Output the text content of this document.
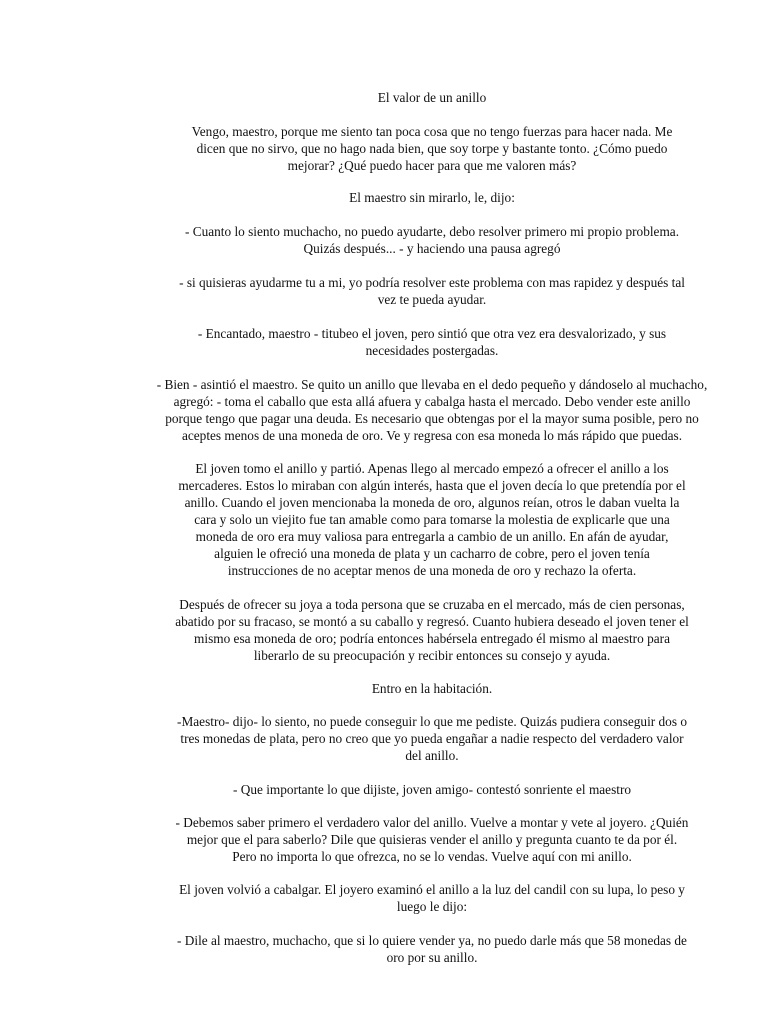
El valor de un anillo

Vengo, maestro, porque me siento tan poca cosa que no tengo fuerzas para hacer nada. Me
dicen que no sirvo, que no hago nada bien, que soy torpe y bastante tonto. ¿Cómo puedo
mejorar? ¿Qué puedo hacer para que me valoren más?

El maestro sin mirarlo, le, dijo:

- Cuanto lo siento muchacho, no puedo ayudarte, debo resolver primero mi propio problema.
Quizás después... - y haciendo una pausa agregó

- si quisieras ayudarme tu a mi, yo podría resolver este problema con mas rapidez y después tal
vez te pueda ayudar.

- Encantado, maestro - titubeo el joven, pero sintió que otra vez era desvalorizado, y sus
necesidades postergadas.

- Bien - asintió el maestro. Se quito un anillo que llevaba en el dedo pequeño y dándoselo al muchacho,
agregó: - toma el caballo que esta allá afuera y cabalga hasta el mercado. Debo vender este anillo
porque tengo que pagar una deuda. Es necesario que obtengas por el la mayor suma posible, pero no
aceptes menos de una moneda de oro. Ve y regresa con esa moneda lo más rápido que puedas.

El joven tomo el anillo y partió. Apenas llego al mercado empezó a ofrecer el anillo a los
mercaderes. Estos lo miraban con algún interés, hasta que el joven decía lo que pretendía por el
anillo. Cuando el joven mencionaba la moneda de oro, algunos reían, otros le daban vuelta la
cara y solo un viejito fue tan amable como para tomarse la molestia de explicarle que una
moneda de oro era muy valiosa para entregarla a cambio de un anillo. En afán de ayudar,
alguien le ofreció una moneda de plata y un cacharro de cobre, pero el joven tenía
instrucciones de no aceptar menos de una moneda de oro y rechazo la oferta.

Después de ofrecer su joya a toda persona que se cruzaba en el mercado, más de cien personas,
abatido por su fracaso, se montó a su caballo y regresó. Cuanto hubiera deseado el joven tener el
mismo esa moneda de oro; podría entonces habérsela entregado él mismo al maestro para
liberarlo de su preocupación y recibir entonces su consejo y ayuda.

Entro en la habitación.

-Maestro- dijo- lo siento, no puede conseguir lo que me pediste. Quizás pudiera conseguir dos o
tres monedas de plata, pero no creo que yo pueda engañar a nadie respecto del verdadero valor
del anillo.

- Que importante lo que dijiste, joven amigo- contestó sonriente el maestro

- Debemos saber primero el verdadero valor del anillo. Vuelve a montar y vete al joyero. ¿Quién
mejor que el para saberlo? Dile que quisieras vender el anillo y pregunta cuanto te da por él.
Pero no importa lo que ofrezca, no se lo vendas. Vuelve aquí con mi anillo.

El joven volvió a cabalgar. El joyero examinó el anillo a la luz del candil con su lupa, lo peso y
luego le dijo:

- Dile al maestro, muchacho, que si lo quiere vender ya, no puedo darle más que 58 monedas de
oro por su anillo.
